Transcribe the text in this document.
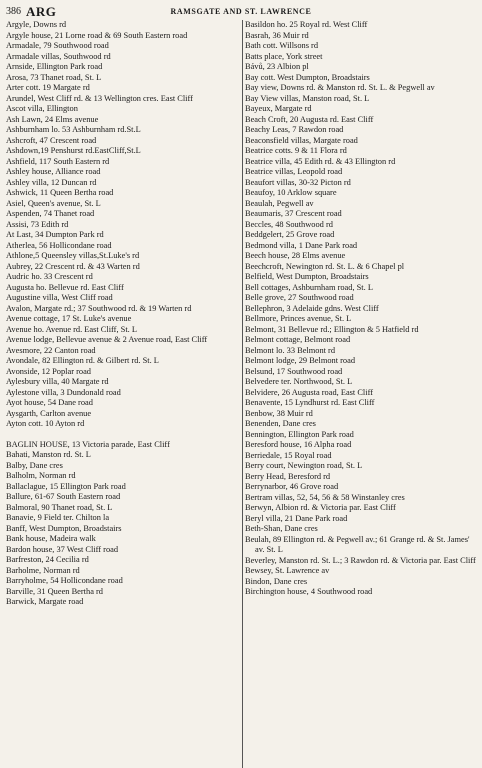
386 ARG	RAMSGATE AND ST. LAWRENCE
Argyle, Downs rd
Argyle house, 21 Lorne road & 69 South Eastern road
Armadale, 79 Southwood road
Armadale villas, Southwood rd
Arnside, Ellington Park road
Arosa, 73 Thanet road, St. L
Arter cott. 19 Margate rd
Arundel, West Cliff rd. & 13 Wellington cres. East Cliff
Ascot villa, Ellington
Ash Lawn, 24 Elms avenue
Ashburnham lo. 53 Ashburnham rd.St.L
Ashcroft, 47 Crescent road
Ashdown,19 Penshurst rd.EastCliff,St.L
Ashfield, 117 South Eastern rd
Ashley house, Alliance road
Ashley villa, 12 Duncan rd
Ashwick, 11 Queen Bertha road
Asiel, Queen's avenue, St. L
Aspenden, 74 Thanet road
Assisi, 73 Edith rd
At Last, 34 Dumpton Park rd
Atherlea, 56 Hollicondane road
Athlone,5 Queensley villas,St.Luke's rd
Aubrey, 22 Crescent rd. & 43 Warten rd
Audric ho. 33 Crescent rd
Augusta ho. Bellevue rd. East Cliff
Augustine villa, West Cliff road
Avalon, Margate rd.; 37 Southwood rd. & 19 Warten rd
Avenue cottage, 17 St. Luke's avenue
Avenue ho. Avenue rd. East Cliff, St. L
Avenue lodge, Bellevue avenue & 2 Avenue road, East Cliff
Avesmore, 22 Canton road
Avondale, 82 Ellington rd. & Gilbert rd. St. L
Avonside, 12 Poplar road
Aylesbury villa, 40 Margate rd
Aylestone villa, 3 Dundonald road
Ayot house, 54 Dane road
Aysgarth, Carlton avenue
Ayton cott. 10 Ayton rd
BAGLIN HOUSE, 13 Victoria parade, East Cliff
Bahati, Manston rd. St. L
Balby, Dane cres
Balholm, Norman rd
Ballaclague, 15 Ellington Park road
Ballure, 61-67 South Eastern road
Balmoral, 90 Thanet road, St. L
Banavie, 9 Field ter. Chilton la
Banff, West Dumpton, Broadstairs
Bank house, Madeira walk
Bardon house, 37 West Cliff road
Barfreston, 24 Cecilia rd
Barholme, Norman rd
Barryholme, 54 Hollicondane road
Barville, 31 Queen Bertha rd
Barwick, Margate road
Basildon ho. 25 Royal rd. West Cliff
Basrah, 36 Muir rd
Bath cott. Willsons rd
Batts place, York street
Bávů, 23 Albion pl
Bay cott. West Dumpton, Broadstairs
Bay view, Downs rd. & Manston rd. St. L. & Pegwell av
Bay View villas, Manston road, St. L
Bayeux, Margate rd
Beach Croft, 20 Augusta rd. East Cliff
Beachy Leas, 7 Rawdon road
Beaconsfield villas, Margate road
Beatrice cotts. 9 & 11 Flora rd
Beatrice villa, 45 Edith rd. & 43 Ellington rd
Beatrice villas, Leopold road
Beaufort villas, 30-32 Picton rd
Beaufoy, 10 Arklow square
Beaulah, Pegwell av
Beaumaris, 37 Crescent road
Beccles, 48 Southwood rd
Beddgelert, 25 Grove road
Bedmond villa, 1 Dane Park road
Beech house, 28 Elms avenue
Beechcroft, Newington rd. St. L. & 6 Chapel pl
Belfield, West Dumpton, Broadstairs
Bell cottages, Ashburnham road, St. L
Belle grove, 27 Southwood road
Bellephron, 3 Adelaide gdns. West Cliff
Bellmore, Princes avenue, St. L
Belmont, 31 Bellevue rd.; Ellington & 5 Hatfield rd
Belmont cottage, Belmont road
Belmont lo. 33 Belmont rd
Belmont lodge, 29 Belmont road
Belsund, 17 Southwood road
Belvedere ter. Northwood, St. L
Belvidere, 26 Augusta road, East Cliff
Benavente, 15 Lyndhurst rd. East Cliff
Benbow, 38 Muir rd
Benenden, Dane cres
Bennington, Ellington Park road
Beresford house, 16 Alpha road
Berriedale, 15 Royal road
Berry court, Newington road, St. L
Berry Head, Beresford rd
Berrynarbor, 46 Grove road
Bertram villas, 52, 54, 56 & 58 Winstanley cres
Berwyn, Albion rd. & Victoria par. East Cliff
Beryl villa, 21 Dane Park road
Beth-Shan, Dane cres
Beulah, 89 Ellington rd. & Pegwell av.; 61 Grange rd. & St. James' av. St. L
Beverley, Manston rd. St. L.; 3 Rawdon rd. & Victoria par. East Cliff
Bewsey, St. Lawrence av
Bindon, Dane cres
Birchington house, 4 Southwood road
